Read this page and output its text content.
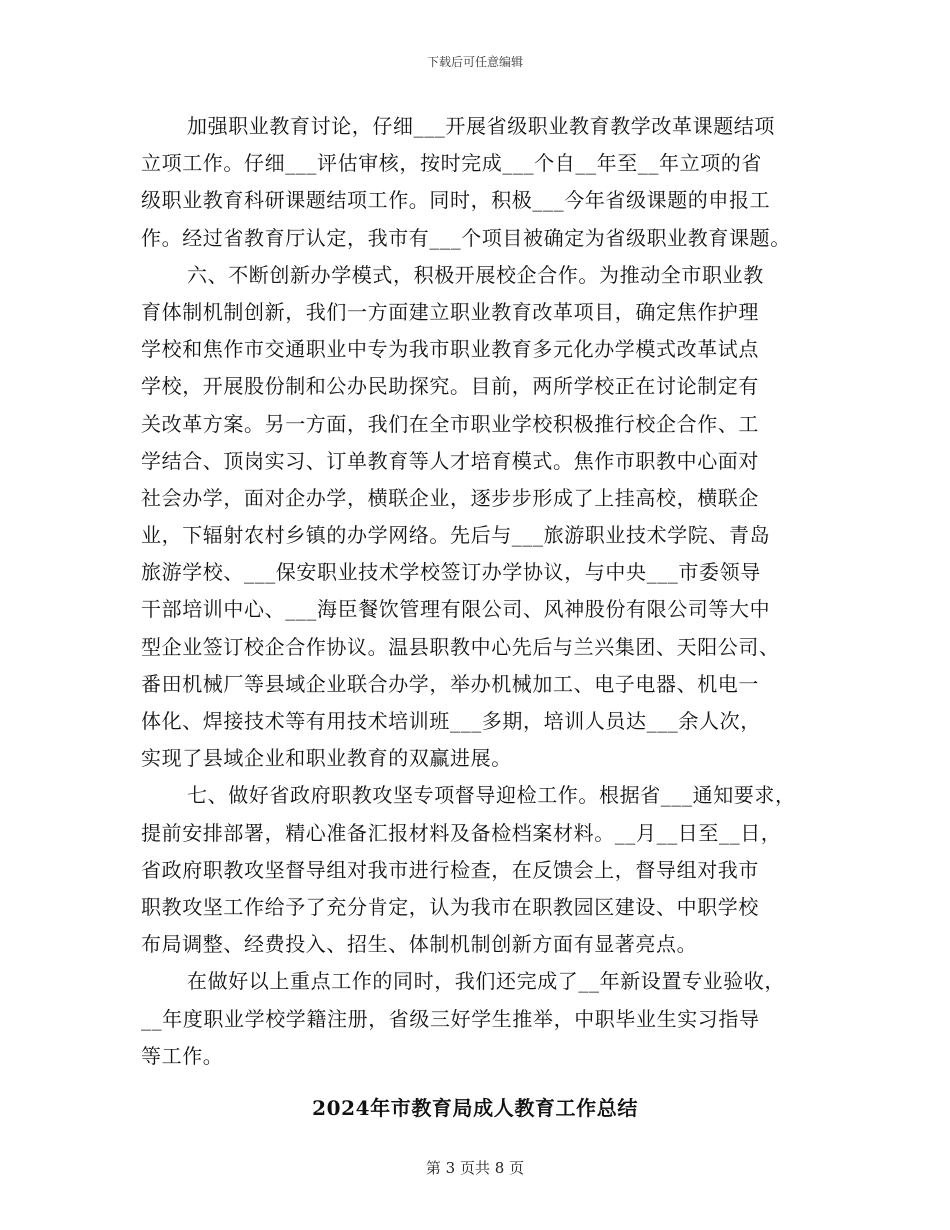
下载后可任意编辑
加强职业教育讨论，仔细___开展省级职业教育教学改革课题结项
立项工作。仔细___评估审核，按时完成___个自__年至__年立项的省
级职业教育科研课题结项工作。同时，积极___今年省级课题的申报工
作。经过省教育厅认定，我市有___个项目被确定为省级职业教育课题。
六、不断创新办学模式，积极开展校企合作。为推动全市职业教
育体制机制创新，我们一方面建立职业教育改革项目，确定焦作护理
学校和焦作市交通职业中专为我市职业教育多元化办学模式改革试点
学校，开展股份制和公办民助探究。目前，两所学校正在讨论制定有
关改革方案。另一方面，我们在全市职业学校积极推行校企合作、工
学结合、顶岗实习、订单教育等人才培育模式。焦作市职教中心面对
社会办学，面对企办学，横联企业，逐步步形成了上挂高校，横联企
业，下辐射农村乡镇的办学网络。先后与___旅游职业技术学院、青岛
旅游学校、___保安职业技术学校签订办学协议，与中央___市委领导
干部培训中心、___海臣餐饮管理有限公司、风神股份有限公司等大中
型企业签订校企合作协议。温县职教中心先后与兰兴集团、天阳公司、
番田机械厂等县域企业联合办学，举办机械加工、电子电器、机电一
体化、焊接技术等有用技术培训班___多期，培训人员达___余人次，
实现了县域企业和职业教育的双赢进展。
七、做好省政府职教攻坚专项督导迎检工作。根据省___通知要求，
提前安排部署，精心准备汇报材料及备检档案材料。__月__日至__日，
省政府职教攻坚督导组对我市进行检查，在反馈会上，督导组对我市
职教攻坚工作给予了充分肯定，认为我市在职教园区建设、中职学校
布局调整、经费投入、招生、体制机制创新方面有显著亮点。
在做好以上重点工作的同时，我们还完成了__年新设置专业验收，
__年度职业学校学籍注册，省级三好学生推举，中职毕业生实习指导
等工作。
2024年市教育局成人教育工作总结
第 3 页共 8 页
